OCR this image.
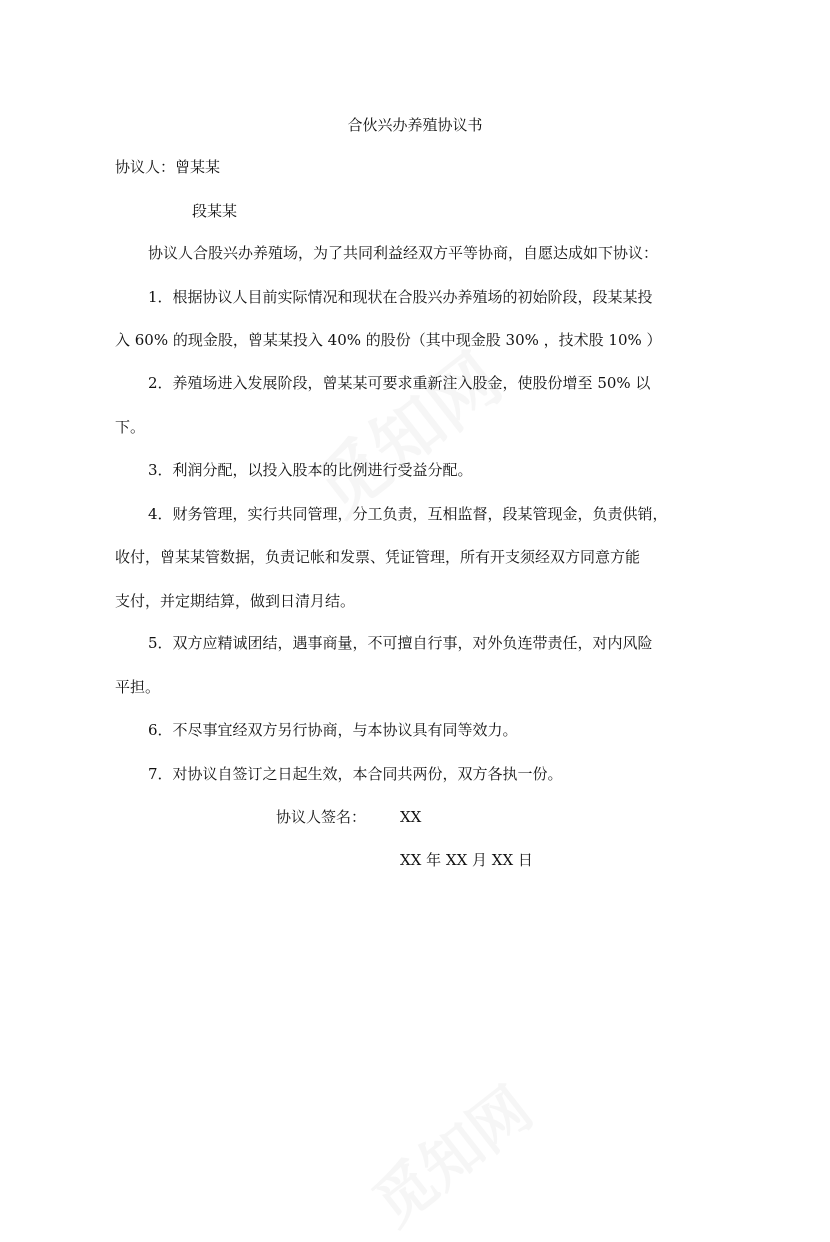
合伙兴办养殖协议书
协议人：曾某某
段某某
协议人合股兴办养殖场，为了共同利益经双方平等协商，自愿达成如下协议：
1．根据协议人目前实际情况和现状在合股兴办养殖场的初始阶段，段某某投
入 60% 的现金股，曾某某投入 40% 的股份（其中现金股 30% ，技术股 10% ）
2．养殖场进入发展阶段，曾某某可要求重新注入股金，使股份增至 50% 以
下。
3．利润分配，以投入股本的比例进行受益分配。
4．财务管理，实行共同管理，分工负责，互相监督，段某管现金，负责供销，
收付，曾某某管数据，负责记帐和发票、凭证管理，所有开支须经双方同意方能
支付，并定期结算，做到日清月结。
5．双方应精诚团结，遇事商量，不可擅自行事，对外负连带责任，对内风险
平担。
6．不尽事宜经双方另行协商，与本协议具有同等效力。
7．对协议自签订之日起生效，本合同共两份，双方各执一份。
协议人签名： XX
XX 年 XX 月 XX 日
